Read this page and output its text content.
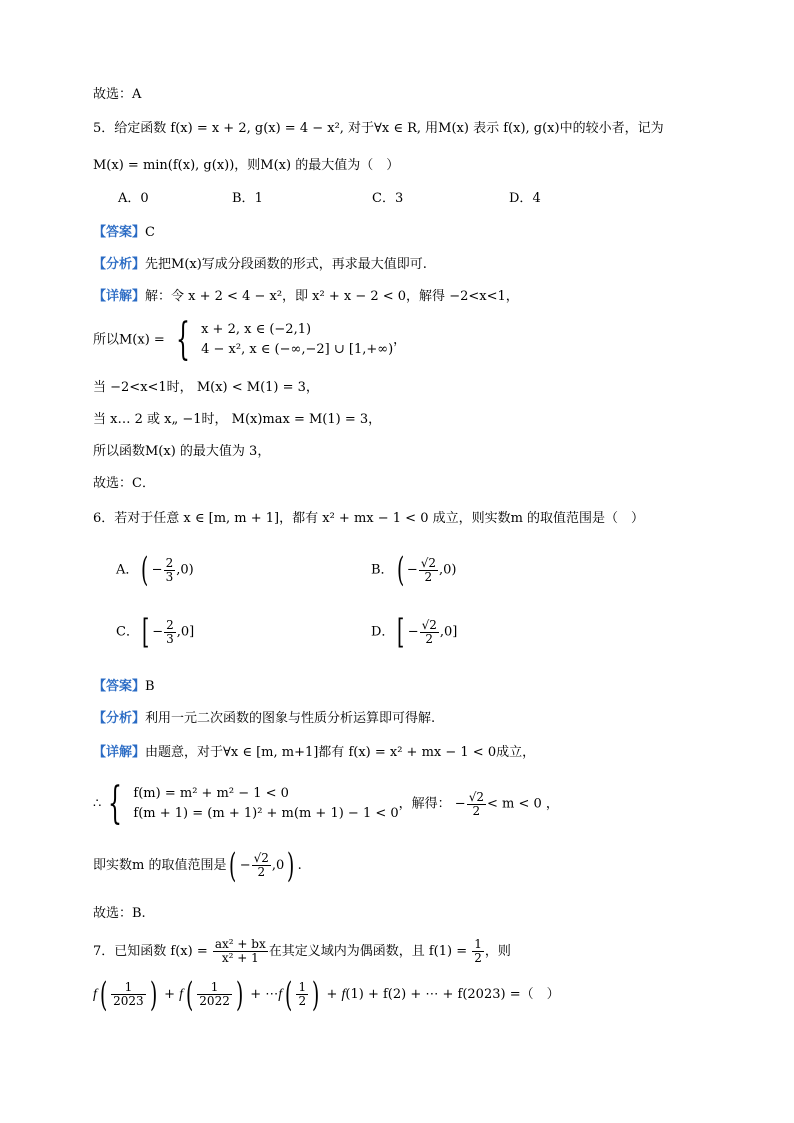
故选：A
5．给定函数 f(x) = x + 2, g(x) = 4 − x², 对于∀x ∈ R, 用M(x) 表示 f(x), g(x)中的较小者，记为
M(x) = min(f(x), g(x))，则M(x) 的最大值为（　）
A．0	B．1	C．3	D．4
【答案】C
【分析】先把M(x)写成分段函数的形式，再求最大值即可.
【详解】解：令 x + 2 < 4 − x²，即 x² + x − 2 < 0，解得 −2<x<1，
所以M(x) = { x + 2, x ∈ (−2,1)
4 − x², x ∈ (−∞,−2] ∪ [1,+∞)
，
当 −2<x<1时， M(x) < M(1) = 3，
当 x… 2 或 x„ −1时， M(x)max = M(1) = 3，
所以函数M(x) 的最大值为 3，
故选：C．
6．若对于任意 x ∈ [m, m + 1]，都有 x² + mx − 1 < 0 成立，则实数m 的取值范围是（　）
A．( − $\frac{2}{3} ,0$)	B．( − $\frac{√2}{2} ,0$)
C．[ − $\frac{2}{3} ,0$]	D．[ − $\frac{√2}{2} ,0$]
【答案】B
【分析】利用一元二次函数的图象与性质分析运算即可得解.
【详解】由题意，对于∀x ∈ [m, m+1]都有 f(x) = x² + mx − 1 < 0成立，
∴ { f(m) = m² + m² − 1 < 0
f(m + 1) = (m + 1)² + m(m + 1) − 1 < 0
，解得： − $\frac{√2}{2} < m < 0$ ，
即实数m 的取值范围是( − $\frac{√2}{2} ,0$) .
故选：B.
7．已知函数 $f(x) = \frac{\text{ax² + bx}}{\text{x² + 1}}$ 在其定义域内为偶函数，且 $f(1) = \frac{1}{2}$ ，则
$f( \frac{1}{2023}$ ) + $f( \frac{1}{2022}$ ) + ⋯f( $\frac{1}{2}$ ) + f(1) + f(2) + ⋯ + f(2023) =（　）
